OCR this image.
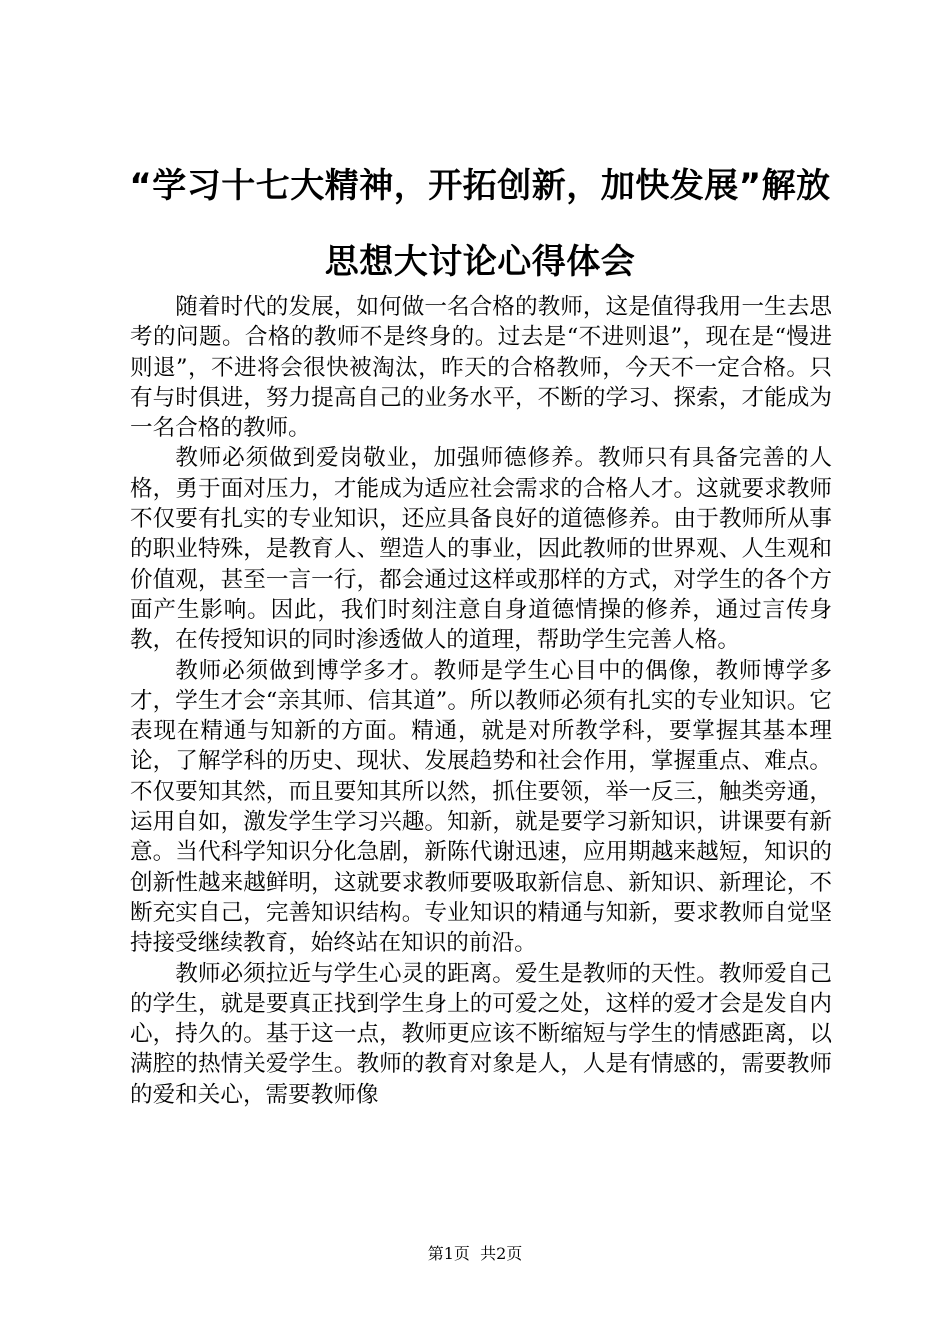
“学习十七大精神，开拓创新，加快发展”解放思想大讨论心得体会

随着时代的发展，如何做一名合格的教师，这是值得我用一生去思考的问题。合格的教师不是终身的。过去是“不进则退”，现在是“慢进则退”，不进将会很快被淘汰，昨天的合格教师，今天不一定合格。只有与时俱进，努力提高自己的业务水平，不断的学习、探索，才能成为一名合格的教师。

教师必须做到爱岗敬业，加强师德修养。教师只有具备完善的人格，勇于面对压力，才能成为适应社会需求的合格人才。这就要求教师不仅要有扎实的专业知识，还应具备良好的道德修养。由于教师所从事的职业特殊，是教育人、塑造人的事业，因此教师的世界观、人生观和价值观，甚至一言一行，都会通过这样或那样的方式，对学生的各个方面产生影响。因此，我们时刻注意自身道德情操的修养，通过言传身教，在传授知识的同时渗透做人的道理，帮助学生完善人格。

教师必须做到博学多才。教师是学生心目中的偶像，教师博学多才，学生才会“亲其师、信其道”。所以教师必须有扎实的专业知识。它表现在精通与知新的方面。精通，就是对所教学科，要掌握其基本理论，了解学科的历史、现状、发展趋势和社会作用，掌握重点、难点。不仅要知其然，而且要知其所以然，抓住要领，举一反三，触类旁通，运用自如，激发学生学习兴趣。知新，就是要学习新知识，讲课要有新意。当代科学知识分化急剧，新陈代谢迅速，应用期越来越短，知识的创新性越来越鲜明，这就要求教师要吸取新信息、新知识、新理论，不断充实自己，完善知识结构。专业知识的精通与知新，要求教师自觉坚持接受继续教育，始终站在知识的前沿。

教师必须拉近与学生心灵的距离。爱生是教师的天性。教师爱自己的学生，就是要真正找到学生身上的可爱之处，这样的爱才会是发自内心，持久的。基于这一点，教师更应该不断缩短与学生的情感距离，以满腔的热情关爱学生。教师的教育对象是人，人是有情感的，需要教师的爱和关心，需要教师像

第1页 共2页
